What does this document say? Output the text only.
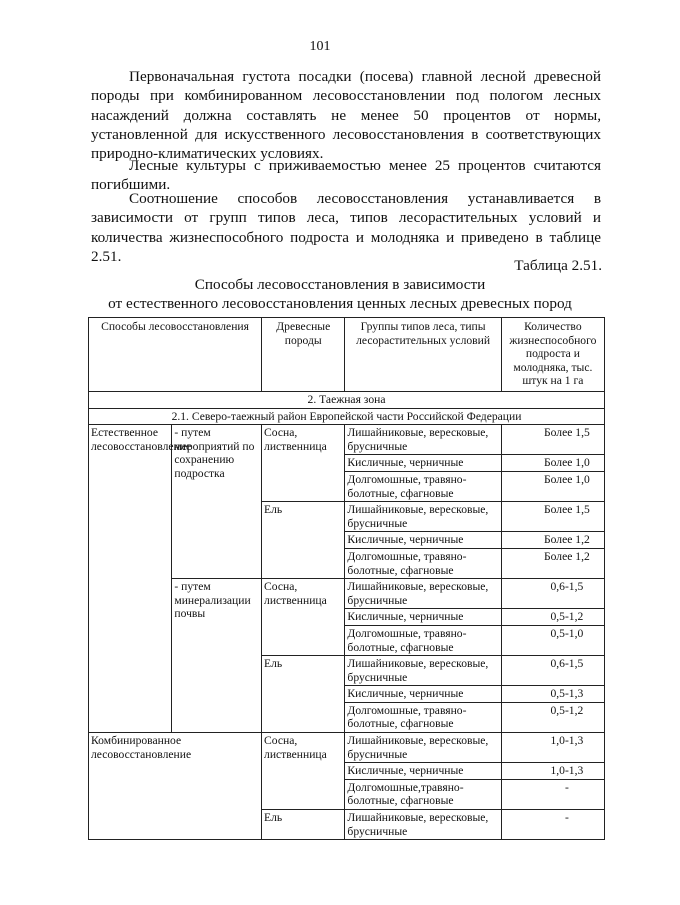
101

Первоначальная густота посадки (посева) главной лесной древесной породы при комбинированном лесовосстановлении под пологом лесных насаждений должна составлять не менее 50 процентов от нормы, установленной для искусственного лесовосстановления в соответствующих природно-климатических условиях.

Лесные культуры с приживаемостью менее 25 процентов считаются погибшими.

Соотношение способов лесовосстановления устанавливается в зависимости от групп типов леса, типов лесорастительных условий и количества жизнеспособного подроста и молодняка и приведено в таблице 2.51.

Таблица 2.51.
Способы лесовосстановления в зависимости
от естественного лесовосстановления ценных лесных древесных пород
Способы лесовосстановления		Древесные породы	Группы типов леса, типы лесорастительных условий	Количество жизнеспособного подроста и молодняка, тыс. штук на 1 га
2. Таежная зона				
2.1. Северо-таежный район Европейской части Российской Федерации				
Естественное лесовосстановление	- путем мероприятий по сохранению подростка	Сосна, лиственница	Лишайниковые, вересковые, брусничные	Более 1,5
			Кисличные, черничные	Более 1,0
			Долгомошные, травяно-болотные, сфагновые	Более 1,0
		Ель	Лишайниковые, вересковые, брусничные	Более 1,5
			Кисличные, черничные	Более 1,2
			Долгомошные, травяно-болотные, сфагновые	Более 1,2
	- путем минерализации почвы	Сосна, лиственница	Лишайниковые, вересковые, брусничные	0,6-1,5
			Кисличные, черничные	0,5-1,2
			Долгомошные, травяно-болотные, сфагновые	0,5-1,0
		Ель	Лишайниковые, вересковые, брусничные	0,6-1,5
			Кисличные, черничные	0,5-1,3
			Долгомошные, травяно-болотные, сфагновые	0,5-1,2
Комбинированное лесовосстановление		Сосна, лиственница	Лишайниковые, вересковые, брусничные	1,0-1,3
			Кисличные, черничные	1,0-1,3
			Долгомошные,травяно-болотные, сфагновые	-
		Ель	Лишайниковые, вересковые, брусничные	-
